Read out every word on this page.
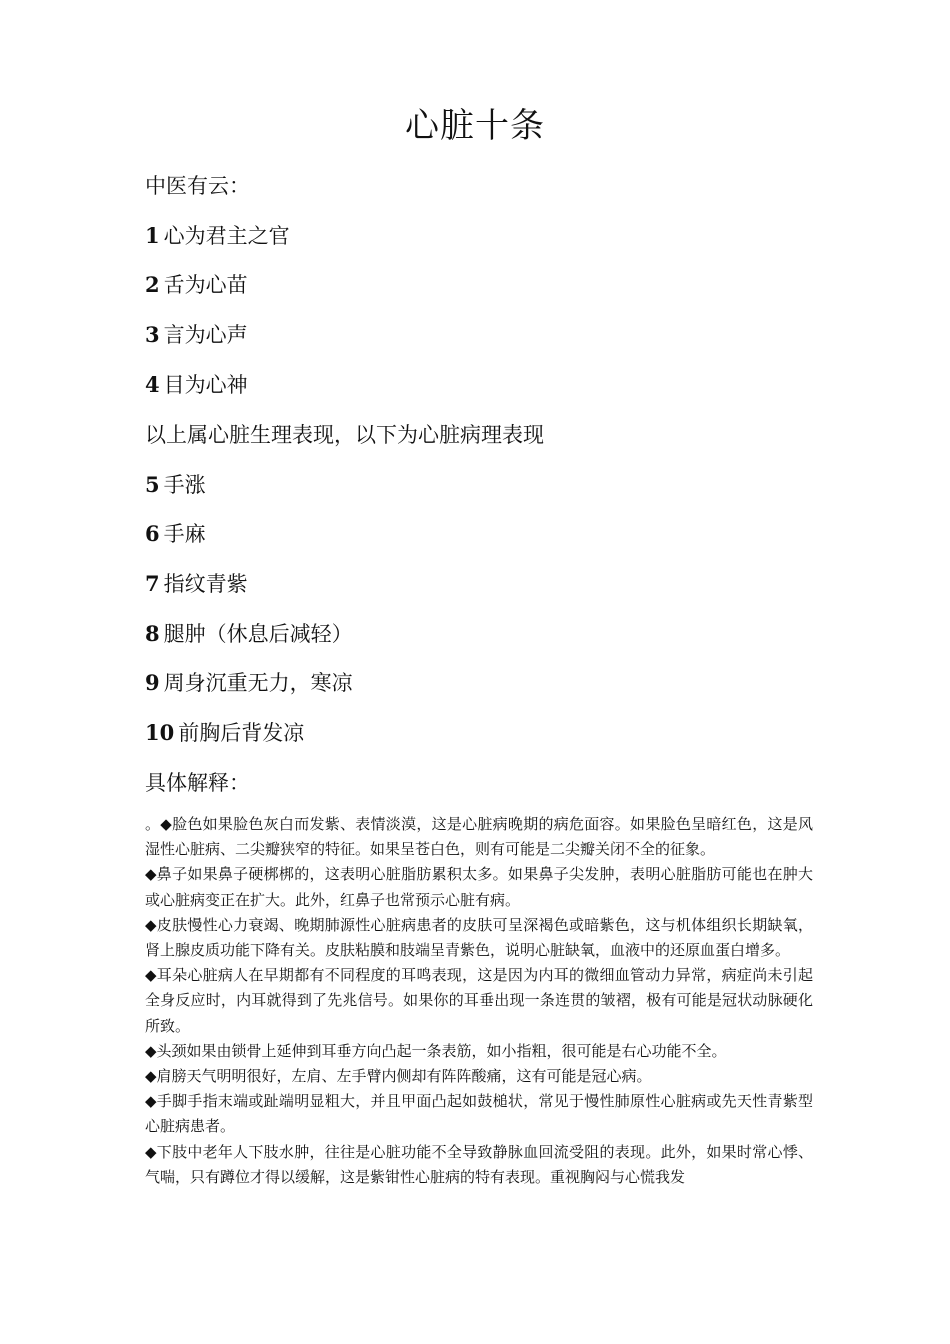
心脏十条

中医有云：

1 心为君主之官

2 舌为心苗

3 言为心声

4 目为心神

以上属心脏生理表现，以下为心脏病理表现

5 手涨

6 手麻

7 指纹青紫

8 腿肿（休息后减轻）

9 周身沉重无力，寒凉

10 前胸后背发凉

具体解释：

。◆脸色如果脸色灰白而发紫、表情淡漠，这是心脏病晚期的病危面容。如果脸色呈暗红色，这是风湿性心脏病、二尖瓣狭窄的特征。如果呈苍白色，则有可能是二尖瓣关闭不全的征象。

◆鼻子如果鼻子硬梆梆的，这表明心脏脂肪累积太多。如果鼻子尖发肿，表明心脏脂肪可能也在肿大或心脏病变正在扩大。此外，红鼻子也常预示心脏有病。

◆皮肤慢性心力衰竭、晚期肺源性心脏病患者的皮肤可呈深褐色或暗紫色，这与机体组织长期缺氧，肾上腺皮质功能下降有关。皮肤粘膜和肢端呈青紫色，说明心脏缺氧，血液中的还原血蛋白增多。

◆耳朵心脏病人在早期都有不同程度的耳鸣表现，这是因为内耳的微细血管动力异常，病症尚未引起全身反应时，内耳就得到了先兆信号。如果你的耳垂出现一条连贯的皱褶，极有可能是冠状动脉硬化所致。

◆头颈如果由锁骨上延伸到耳垂方向凸起一条表筋，如小指粗，很可能是右心功能不全。

◆肩膀天气明明很好，左肩、左手臂内侧却有阵阵酸痛，这有可能是冠心病。

◆手脚手指末端或趾端明显粗大，并且甲面凸起如鼓槌状，常见于慢性肺原性心脏病或先天性青紫型心脏病患者。

◆下肢中老年人下肢水肿，往往是心脏功能不全导致静脉血回流受阻的表现。此外，如果时常心悸、气喘，只有蹲位才得以缓解，这是紫钳性心脏病的特有表现。重视胸闷与心慌我发
